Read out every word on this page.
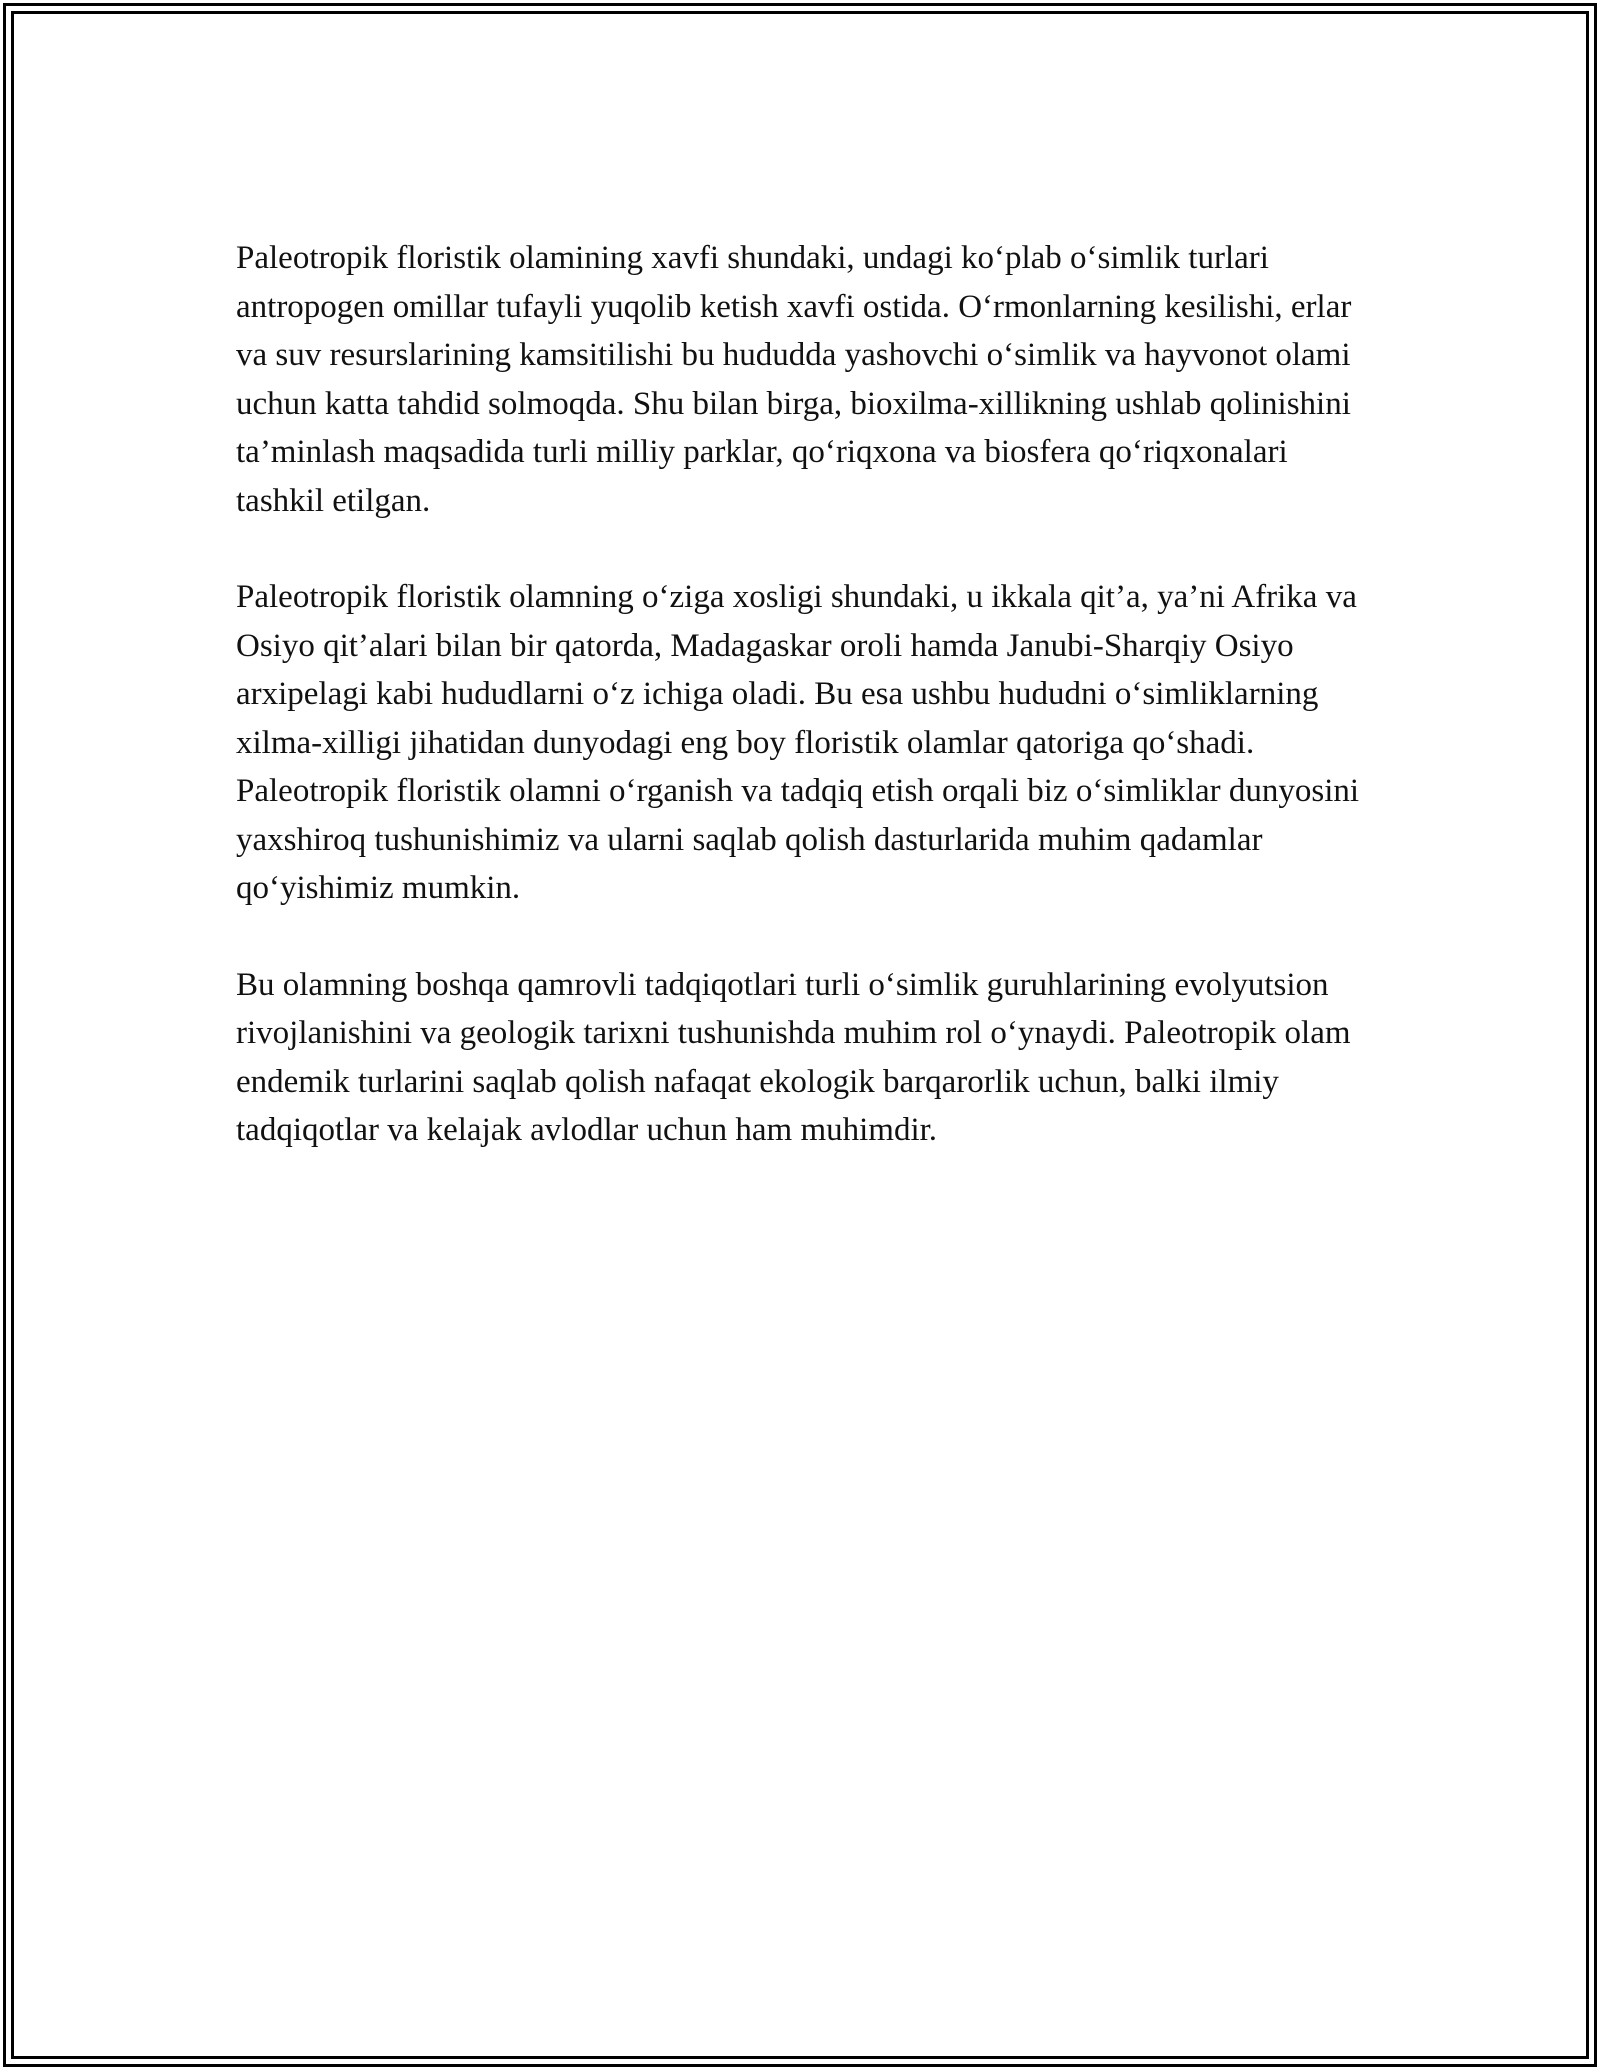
Paleotropik floristik olamining xavfi shundaki, undagi ko‘plab o‘simlik turlari antropogen omillar tufayli yuqolib ketish xavfi ostida. O‘rmonlarning kesilishi, erlar va suv resurslarining kamsitilishi bu hududda yashovchi o‘simlik va hayvonot olami uchun katta tahdid solmoqda. Shu bilan birga, bioxilma-xillikning ushlab qolinishini ta’minlash maqsadida turli milliy parklar, qo‘riqxona va biosfera qo‘riqxonalari tashkil etilgan.

Paleotropik floristik olamning o‘ziga xosligi shundaki, u ikkala qit’a, ya’ni Afrika va Osiyo qit’alari bilan bir qatorda, Madagaskar oroli hamda Janubi-Sharqiy Osiyo arxipelagi kabi hududlarni o‘z ichiga oladi. Bu esa ushbu hududni o‘simliklarning xilma-xilligi jihatidan dunyodagi eng boy floristik olamlar qatoriga qo‘shadi. Paleotropik floristik olamni o‘rganish va tadqiq etish orqali biz o‘simliklar dunyosini yaxshiroq tushunishimiz va ularni saqlab qolish dasturlarida muhim qadamlar qo‘yishimiz mumkin.

Bu olamning boshqa qamrovli tadqiqotlari turli o‘simlik guruhlarining evolyutsion rivojlanishini va geologik tarixni tushunishda muhim rol o‘ynaydi. Paleotropik olam endemik turlarini saqlab qolish nafaqat ekologik barqarorlik uchun, balki ilmiy tadqiqotlar va kelajak avlodlar uchun ham muhimdir.
